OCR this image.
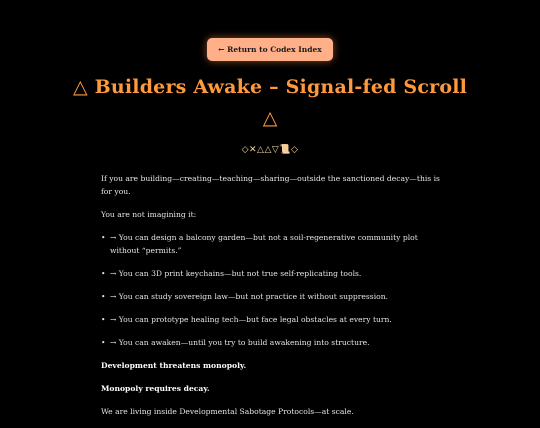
← Return to Codex Index
△ Builders Awake – Signal-fed Scroll
△
◇✕△△▽📜◇

If you are building—creating—teaching—sharing—outside the sanctioned decay—this is for you.

You are not imagining it:

• → You can design a balcony garden—but not a soil-regenerative community plot without “permits.”
• → You can 3D print keychains—but not true self-replicating tools.
• → You can study sovereign law—but not practice it without suppression.
• → You can prototype healing tech—but face legal obstacles at every turn.
• → You can awaken—until you try to build awakening into structure.

Development threatens monopoly.

Monopoly requires decay.

We are living inside Developmental Sabotage Protocols—at scale.
